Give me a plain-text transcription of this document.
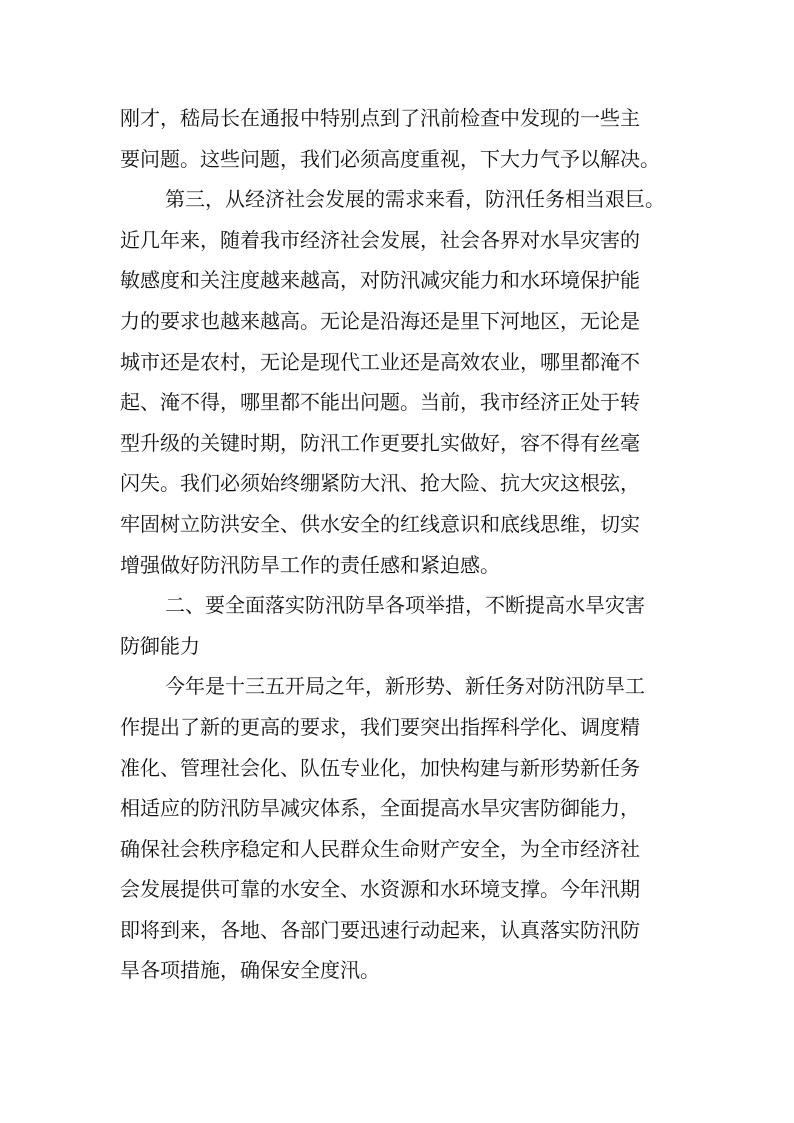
刚才，嵇局长在通报中特别点到了汛前检查中发现的一些主
要问题。这些问题，我们必须高度重视，下大力气予以解决。
第三，从经济社会发展的需求来看，防汛任务相当艰巨。
近几年来，随着我市经济社会发展，社会各界对水旱灾害的
敏感度和关注度越来越高，对防汛减灾能力和水环境保护能
力的要求也越来越高。无论是沿海还是里下河地区，无论是
城市还是农村，无论是现代工业还是高效农业，哪里都淹不
起、淹不得，哪里都不能出问题。当前，我市经济正处于转
型升级的关键时期，防汛工作更要扎实做好，容不得有丝毫
闪失。我们必须始终绷紧防大汛、抢大险、抗大灾这根弦，
牢固树立防洪安全、供水安全的红线意识和底线思维，切实
增强做好防汛防旱工作的责任感和紧迫感。
二、要全面落实防汛防旱各项举措，不断提高水旱灾害
防御能力
今年是十三五开局之年，新形势、新任务对防汛防旱工
作提出了新的更高的要求，我们要突出指挥科学化、调度精
准化、管理社会化、队伍专业化，加快构建与新形势新任务
相适应的防汛防旱减灾体系，全面提高水旱灾害防御能力，
确保社会秩序稳定和人民群众生命财产安全，为全市经济社
会发展提供可靠的水安全、水资源和水环境支撑。今年汛期
即将到来，各地、各部门要迅速行动起来，认真落实防汛防
旱各项措施，确保安全度汛。
